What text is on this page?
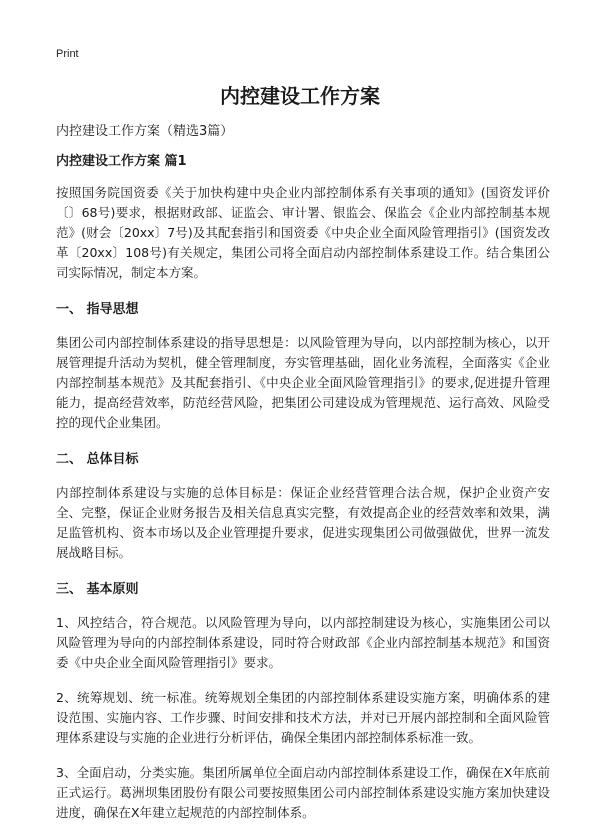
Print
内控建设工作方案

内控建设工作方案（精选3篇）

内控建设工作方案 篇1

按照国务院国资委《关于加快构建中央企业内部控制体系有关事项的通知》(国资发评价〔〕68号)要求，根据财政部、证监会、审计署、银监会、保监会《企业内部控制基本规范》(财会〔20xx〕7号)及其配套指引和国资委《中央企业全面风险管理指引》(国资发改革〔20xx〕108号)有关规定，集团公司将全面启动内部控制体系建设工作。结合集团公司实际情况，制定本方案。

一、 指导思想

集团公司内部控制体系建设的指导思想是：以风险管理为导向，以内部控制为核心，以开展管理提升活动为契机，健全管理制度，夯实管理基础，固化业务流程，全面落实《企业内部控制基本规范》及其配套指引、《中央企业全面风险管理指引》的要求,促进提升管理能力，提高经营效率，防范经营风险，把集团公司建设成为管理规范、运行高效、风险受控的现代企业集团。

二、 总体目标

内部控制体系建设与实施的总体目标是：保证企业经营管理合法合规，保护企业资产安全、完整，保证企业财务报告及相关信息真实完整，有效提高企业的经营效率和效果，满足监管机构、资本市场以及企业管理提升要求，促进实现集团公司做强做优，世界一流发展战略目标。

三、 基本原则

1、风控结合，符合规范。以风险管理为导向，以内部控制建设为核心，实施集团公司以风险管理为导向的内部控制体系建设，同时符合财政部《企业内部控制基本规范》和国资委《中央企业全面风险管理指引》要求。

2、统筹规划、统一标准。统筹规划全集团的内部控制体系建设实施方案，明确体系的建设范围、实施内容、工作步骤、时间安排和技术方法，并对已开展内部控制和全面风险管理体系建设与实施的企业进行分析评估，确保全集团内部控制体系标准一致。

3、全面启动，分类实施。集团所属单位全面启动内部控制体系建设工作，确保在X年底前正式运行。葛洲坝集团股份有限公司要按照集团公司内部控制体系建设实施方案加快建设进度，确保在X年建立起规范的内部控制体系。
